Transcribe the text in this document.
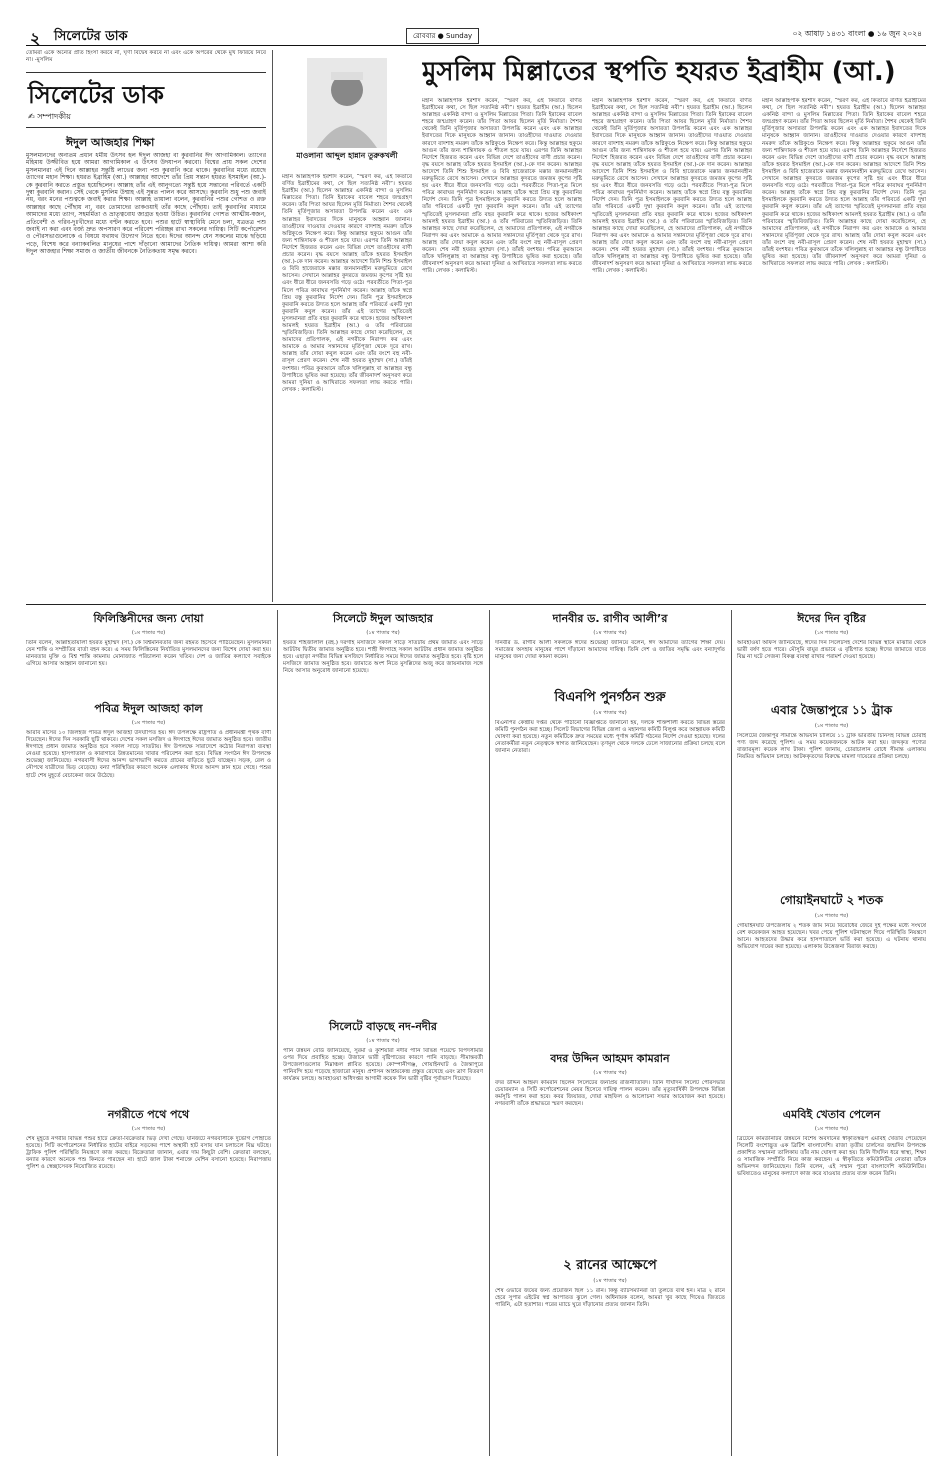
২ সিলেটের ডাক	রোববার ● Sunday	০২ আষাঢ় ১৪৩১ বাংলা ● ১৬ জুন ২০২৪
তোমরা একে অন্যের প্রতি হিংসা করবে না, ঘৃণা বিদ্বেষ করবে না এবং একে অপরের থেকে মুখ ফিরিয়ে নিবে না। -মুসলিম
সিলেটের ডাক
✍ সম্পাদকীয়
ঈদুল আজহার শিক্ষা
মুসলমানদের অন্যতম প্রধান ধর্মীয় উৎসব হল ঈদুল আজহা বা কুরবানির ঈদ আগামিকাল। ত্যাগের মহিমায় উজ্জীবিত হয়ে আমরা আগামিকাল এ উৎসব উদযাপন করবো। বিশ্বের প্রায় সকল দেশের মুসলমানরা এই দিনে আল্লাহর সন্তুষ্টি লাভের জন্য পশু কুরবানি করে থাকে। কুরবানির মধ্যে রয়েছে ত্যাগের মহান শিক্ষা। হযরত ইব্রাহিম (আ.) আল্লাহর আদেশে তাঁর প্রিয় সন্তান হযরত ইসমাইল (আ.)-কে কুরবানি করতে প্রস্তুত হয়েছিলেন। আল্লাহ তাঁর এই আনুগত্যে সন্তুষ্ট হয়ে সন্তানের পরিবর্তে একটি দুম্বা কুরবানি করান। সেই থেকে মুসলিম উম্মাহ এই সুন্নত পালন করে আসছে। কুরবানি শুধু পশু জবাই নয়, বরং মনের পশুত্বকে জবাই করার শিক্ষা। আল্লাহ তায়ালা বলেন, কুরবানির পশুর গোশত ও রক্ত আল্লাহর কাছে পৌঁছায় না, বরং তোমাদের তাকওয়াই তাঁর কাছে পৌঁছায়। তাই কুরবানির মাধ্যমে আমাদের মধ্যে ত্যাগ, সহমর্মিতা ও ভ্রাতৃত্ববোধ জাগ্রত হওয়া উচিত। কুরবানির গোশত আত্মীয়-স্বজন, প্রতিবেশী ও গরিব-দুঃখীদের মধ্যে বণ্টন করতে হবে। পশুর হাটে স্বাস্থ্যবিধি মেনে চলা, যত্রতত্র পশু জবাই না করা এবং বর্জ্য দ্রুত অপসারণ করে পরিবেশ পরিচ্ছন্ন রাখা সকলের দায়িত্ব। সিটি কর্পোরেশন ও পৌরসভাগুলোকে এ বিষয়ে যথাযথ উদ্যোগ নিতে হবে। ঈদের আনন্দ যেন সকলের মাঝে ছড়িয়ে পড়ে, বিশেষ করে বন্যাকবলিত মানুষের পাশে দাঁড়ানো আমাদের নৈতিক দায়িত্ব। আমরা আশা করি ঈদুল আজহার শিক্ষা সমাজ ও জাতীয় জীবনকে নৈতিকতায় সমৃদ্ধ করবে।
মাওলানা আব্দুল হান্নান তুরুকখলী
মুসলিম মিল্লাতের স্থপতি হযরত ইব্রাহীম (আ.)
মহান আল্লাহপাক ইরশাদ করেন, “স্মরণ কর, এই কিতাবে বর্ণিত ইব্রাহীমের কথা, সে ছিল সত্যনিষ্ঠ নবী”। হযরত ইব্রাহীম (আ.) ছিলেন আল্লাহর একনিষ্ঠ বান্দা ও মুসলিম মিল্লাতের পিতা। তিনি ইরাকের বাবেল শহরে জন্মগ্রহণ করেন। তাঁর পিতা আযর ছিলেন মূর্তি নির্মাতা। শৈশব থেকেই তিনি মূর্তিপূজার অসারতা উপলব্ধি করেন এবং এক আল্লাহর ইবাদতের দিকে মানুষকে আহ্বান জানান। তাওহীদের দাওয়াত দেওয়ার কারণে বাদশাহ নমরুদ তাঁকে অগ্নিকুণ্ডে নিক্ষেপ করে। কিন্তু আল্লাহর হুকুমে আগুন তাঁর জন্য শান্তিদায়ক ও শীতল হয়ে যায়। এরপর তিনি আল্লাহর নির্দেশে হিজরত করেন এবং বিভিন্ন দেশে তাওহীদের বাণী প্রচার করেন। বৃদ্ধ বয়সে আল্লাহ তাঁকে হযরত ইসমাইল (আ.)-কে দান করেন। আল্লাহর আদেশে তিনি শিশু ইসমাইল ও বিবি হাজেরাকে মক্কার জনমানবহীন মরুভূমিতে রেখে আসেন। সেখানে আল্লাহর কুদরতে জমজম কূপের সৃষ্টি হয় এবং ধীরে ধীরে জনবসতি গড়ে ওঠে। পরবর্তীতে পিতা-পুত্র মিলে পবিত্র কাবাঘর পুনর্নির্মাণ করেন। আল্লাহ তাঁকে স্বপ্নে প্রিয় বস্তু কুরবানির নির্দেশ দেন। তিনি পুত্র ইসমাইলকে কুরবানি করতে উদ্যত হলে আল্লাহ তাঁর পরিবর্তে একটি দুম্বা কুরবানি কবুল করেন। তাঁর এই ত্যাগের স্মৃতিতেই মুসলমানরা প্রতি বছর কুরবানি করে থাকে। হজের অধিকাংশ আমলই হযরত ইব্রাহীম (আ.) ও তাঁর পরিবারের স্মৃতিবিজড়িত। তিনি আল্লাহর কাছে দোয়া করেছিলেন, হে আমাদের প্রতিপালক, এই নগরীকে নিরাপদ কর এবং আমাকে ও আমার সন্তানদের মূর্তিপূজা থেকে দূরে রাখ। আল্লাহ তাঁর দোয়া কবুল করেন এবং তাঁর বংশে বহু নবী-রাসূল প্রেরণ করেন। শেষ নবী হযরত মুহাম্মদ (সা.) তাঁরই বংশধর। পবিত্র কুরআনে তাঁকে খলিলুল্লাহ বা আল্লাহর বন্ধু উপাধিতে ভূষিত করা হয়েছে। তাঁর জীবনাদর্শ অনুসরণ করে আমরা দুনিয়া ও আখিরাতে সফলতা লাভ করতে পারি। লেখক : কলামিস্ট।
মহান আল্লাহপাক ইরশাদ করেন, “স্মরণ কর, এই কিতাবে বর্ণিত ইব্রাহীমের কথা, সে ছিল সত্যনিষ্ঠ নবী”। হযরত ইব্রাহীম (আ.) ছিলেন আল্লাহর একনিষ্ঠ বান্দা ও মুসলিম মিল্লাতের পিতা। তিনি ইরাকের বাবেল শহরে জন্মগ্রহণ করেন। তাঁর পিতা আযর ছিলেন মূর্তি নির্মাতা। শৈশব থেকেই তিনি মূর্তিপূজার অসারতা উপলব্ধি করেন এবং এক আল্লাহর ইবাদতের দিকে মানুষকে আহ্বান জানান। তাওহীদের দাওয়াত দেওয়ার কারণে বাদশাহ নমরুদ তাঁকে অগ্নিকুণ্ডে নিক্ষেপ করে। কিন্তু আল্লাহর হুকুমে আগুন তাঁর জন্য শান্তিদায়ক ও শীতল হয়ে যায়। এরপর তিনি আল্লাহর নির্দেশে হিজরত করেন এবং বিভিন্ন দেশে তাওহীদের বাণী প্রচার করেন। বৃদ্ধ বয়সে আল্লাহ তাঁকে হযরত ইসমাইল (আ.)-কে দান করেন। আল্লাহর আদেশে তিনি শিশু ইসমাইল ও বিবি হাজেরাকে মক্কার জনমানবহীন মরুভূমিতে রেখে আসেন। সেখানে আল্লাহর কুদরতে জমজম কূপের সৃষ্টি হয় এবং ধীরে ধীরে জনবসতি গড়ে ওঠে। পরবর্তীতে পিতা-পুত্র মিলে পবিত্র কাবাঘর পুনর্নির্মাণ করেন। আল্লাহ তাঁকে স্বপ্নে প্রিয় বস্তু কুরবানির নির্দেশ দেন। তিনি পুত্র ইসমাইলকে কুরবানি করতে উদ্যত হলে আল্লাহ তাঁর পরিবর্তে একটি দুম্বা কুরবানি কবুল করেন। তাঁর এই ত্যাগের স্মৃতিতেই মুসলমানরা প্রতি বছর কুরবানি করে থাকে। হজের অধিকাংশ আমলই হযরত ইব্রাহীম (আ.) ও তাঁর পরিবারের স্মৃতিবিজড়িত। তিনি আল্লাহর কাছে দোয়া করেছিলেন, হে আমাদের প্রতিপালক, এই নগরীকে নিরাপদ কর এবং আমাকে ও আমার সন্তানদের মূর্তিপূজা থেকে দূরে রাখ। আল্লাহ তাঁর দোয়া কবুল করেন এবং তাঁর বংশে বহু নবী-রাসূল প্রেরণ করেন। শেষ নবী হযরত মুহাম্মদ (সা.) তাঁরই বংশধর। পবিত্র কুরআনে তাঁকে খলিলুল্লাহ বা আল্লাহর বন্ধু উপাধিতে ভূষিত করা হয়েছে। তাঁর জীবনাদর্শ অনুসরণ করে আমরা দুনিয়া ও আখিরাতে সফলতা লাভ করতে পারি। লেখক : কলামিস্ট।
মহান আল্লাহপাক ইরশাদ করেন, “স্মরণ কর, এই কিতাবে বর্ণিত ইব্রাহীমের কথা, সে ছিল সত্যনিষ্ঠ নবী”। হযরত ইব্রাহীম (আ.) ছিলেন আল্লাহর একনিষ্ঠ বান্দা ও মুসলিম মিল্লাতের পিতা। তিনি ইরাকের বাবেল শহরে জন্মগ্রহণ করেন। তাঁর পিতা আযর ছিলেন মূর্তি নির্মাতা। শৈশব থেকেই তিনি মূর্তিপূজার অসারতা উপলব্ধি করেন এবং এক আল্লাহর ইবাদতের দিকে মানুষকে আহ্বান জানান। তাওহীদের দাওয়াত দেওয়ার কারণে বাদশাহ নমরুদ তাঁকে অগ্নিকুণ্ডে নিক্ষেপ করে। কিন্তু আল্লাহর হুকুমে আগুন তাঁর জন্য শান্তিদায়ক ও শীতল হয়ে যায়। এরপর তিনি আল্লাহর নির্দেশে হিজরত করেন এবং বিভিন্ন দেশে তাওহীদের বাণী প্রচার করেন। বৃদ্ধ বয়সে আল্লাহ তাঁকে হযরত ইসমাইল (আ.)-কে দান করেন। আল্লাহর আদেশে তিনি শিশু ইসমাইল ও বিবি হাজেরাকে মক্কার জনমানবহীন মরুভূমিতে রেখে আসেন। সেখানে আল্লাহর কুদরতে জমজম কূপের সৃষ্টি হয় এবং ধীরে ধীরে জনবসতি গড়ে ওঠে। পরবর্তীতে পিতা-পুত্র মিলে পবিত্র কাবাঘর পুনর্নির্মাণ করেন। আল্লাহ তাঁকে স্বপ্নে প্রিয় বস্তু কুরবানির নির্দেশ দেন। তিনি পুত্র ইসমাইলকে কুরবানি করতে উদ্যত হলে আল্লাহ তাঁর পরিবর্তে একটি দুম্বা কুরবানি কবুল করেন। তাঁর এই ত্যাগের স্মৃতিতেই মুসলমানরা প্রতি বছর কুরবানি করে থাকে। হজের অধিকাংশ আমলই হযরত ইব্রাহীম (আ.) ও তাঁর পরিবারের স্মৃতিবিজড়িত। তিনি আল্লাহর কাছে দোয়া করেছিলেন, হে আমাদের প্রতিপালক, এই নগরীকে নিরাপদ কর এবং আমাকে ও আমার সন্তানদের মূর্তিপূজা থেকে দূরে রাখ। আল্লাহ তাঁর দোয়া কবুল করেন এবং তাঁর বংশে বহু নবী-রাসূল প্রেরণ করেন। শেষ নবী হযরত মুহাম্মদ (সা.) তাঁরই বংশধর। পবিত্র কুরআনে তাঁকে খলিলুল্লাহ বা আল্লাহর বন্ধু উপাধিতে ভূষিত করা হয়েছে। তাঁর জীবনাদর্শ অনুসরণ করে আমরা দুনিয়া ও আখিরাতে সফলতা লাভ করতে পারি। লেখক : কলামিস্ট।
মহান আল্লাহপাক ইরশাদ করেন, “স্মরণ কর, এই কিতাবে বর্ণিত ইব্রাহীমের কথা, সে ছিল সত্যনিষ্ঠ নবী”। হযরত ইব্রাহীম (আ.) ছিলেন আল্লাহর একনিষ্ঠ বান্দা ও মুসলিম মিল্লাতের পিতা। তিনি ইরাকের বাবেল শহরে জন্মগ্রহণ করেন। তাঁর পিতা আযর ছিলেন মূর্তি নির্মাতা। শৈশব থেকেই তিনি মূর্তিপূজার অসারতা উপলব্ধি করেন এবং এক আল্লাহর ইবাদতের দিকে মানুষকে আহ্বান জানান। তাওহীদের দাওয়াত দেওয়ার কারণে বাদশাহ নমরুদ তাঁকে অগ্নিকুণ্ডে নিক্ষেপ করে। কিন্তু আল্লাহর হুকুমে আগুন তাঁর জন্য শান্তিদায়ক ও শীতল হয়ে যায়। এরপর তিনি আল্লাহর নির্দেশে হিজরত করেন এবং বিভিন্ন দেশে তাওহীদের বাণী প্রচার করেন। বৃদ্ধ বয়সে আল্লাহ তাঁকে হযরত ইসমাইল (আ.)-কে দান করেন। আল্লাহর আদেশে তিনি শিশু ইসমাইল ও বিবি হাজেরাকে মক্কার জনমানবহীন মরুভূমিতে রেখে আসেন। সেখানে আল্লাহর কুদরতে জমজম কূপের সৃষ্টি হয় এবং ধীরে ধীরে জনবসতি গড়ে ওঠে। পরবর্তীতে পিতা-পুত্র মিলে পবিত্র কাবাঘর পুনর্নির্মাণ করেন। আল্লাহ তাঁকে স্বপ্নে প্রিয় বস্তু কুরবানির নির্দেশ দেন। তিনি পুত্র ইসমাইলকে কুরবানি করতে উদ্যত হলে আল্লাহ তাঁর পরিবর্তে একটি দুম্বা কুরবানি কবুল করেন। তাঁর এই ত্যাগের স্মৃতিতেই মুসলমানরা প্রতি বছর কুরবানি করে থাকে। হজের অধিকাংশ আমলই হযরত ইব্রাহীম (আ.) ও তাঁর পরিবারের স্মৃতিবিজড়িত। তিনি আল্লাহর কাছে দোয়া করেছিলেন, হে আমাদের প্রতিপালক, এই নগরীকে নিরাপদ কর এবং আমাকে ও আমার সন্তানদের মূর্তিপূজা থেকে দূরে রাখ। আল্লাহ তাঁর দোয়া কবুল করেন এবং তাঁর বংশে বহু নবী-রাসূল প্রেরণ করেন। শেষ নবী হযরত মুহাম্মদ (সা.) তাঁরই বংশধর। পবিত্র কুরআনে তাঁকে খলিলুল্লাহ বা আল্লাহর বন্ধু উপাধিতে ভূষিত করা হয়েছে। তাঁর জীবনাদর্শ অনুসরণ করে আমরা দুনিয়া ও আখিরাতে সফলতা লাভ করতে পারি। লেখক : কলামিস্ট।
ফিলিস্তিনীদের জন্য দোয়া
(১ম পাতার পর)
তিনি বলেন, আল্লাহতায়ালা হযরত মুহাম্মদ (সা.) কে বিশ্বমানবতার জন্য রহমত হিসেবে পাঠিয়েছেন। মুসলমানরা যেন শান্তি ও সম্প্রীতির বার্তা বহন করে। এ সময় ফিলিস্তিনের নির্যাতিত মুসলমানদের জন্য বিশেষ দোয়া করা হয়। মানবতার মুক্তি ও বিশ্ব শান্তি কামনায় মোনাজাত পরিচালনা করেন খতিব। দেশ ও জাতির কল্যাণে সবাইকে এগিয়ে আসার আহ্বান জানানো হয়।
পবিত্র ঈদুল আজহা কাল
(১ম পাতার পর)
আরবি মাসের ১০ জিলহজ পবিত্র ঈদুল আজহা উদযাপিত হয়। ঈদ উপলক্ষে রাষ্ট্রপতি ও প্রধানমন্ত্রী পৃথক বাণী দিয়েছেন। ঈদের দিন সরকারি ছুটি থাকবে। দেশের সকল মসজিদ ও ঈদগাহে ঈদের জামাত অনুষ্ঠিত হবে। জাতীয় ঈদগাহে প্রধান জামাত অনুষ্ঠিত হবে সকাল সাড়ে সাতটায়। ঈদ উপলক্ষে সারাদেশে কঠোর নিরাপত্তা ব্যবস্থা নেওয়া হয়েছে। হাসপাতাল ও কারাগারে উন্নতমানের খাবার পরিবেশন করা হবে। বিভিন্ন সংগঠন ঈদ উপলক্ষে শুভেচ্ছা জানিয়েছে। নগরবাসী ঈদের আনন্দ ভাগাভাগি করতে গ্রামের বাড়িতে ছুটে যাচ্ছেন। সড়ক, রেল ও নৌপথে যাত্রীদের ভিড় বেড়েছে। বন্যা পরিস্থিতির কারণে অনেক এলাকায় ঈদের আনন্দ ম্লান হয়ে গেছে। পশুর হাটে শেষ মুহূর্তে বেচাকেনা জমে উঠেছে।
নগরীতে পথে পথে
(১ম পাতার পর)
শেষ মুহূর্তে নগরীর বিভিন্ন পশুর হাটে ক্রেতা-বিক্রেতার ভিড় দেখা গেছে। যানজটে নগরবাসীকে দুর্ভোগ পোহাতে হয়েছে। সিটি কর্পোরেশনের নির্ধারিত হাটের বাইরে সড়কের পাশে অস্থায়ী হাট বসায় যান চলাচলে বিঘ্ন ঘটছে। ট্রাফিক পুলিশ পরিস্থিতি নিয়ন্ত্রণে কাজ করছে। বিক্রেতারা জানান, এবার দাম কিছুটা বেশি। ক্রেতারা বলছেন, বন্যার কারণে অনেকে পশু কিনতে পারছেন না। হাটে জাল টাকা শনাক্তে মেশিন বসানো হয়েছে। নিরাপত্তায় পুলিশ ও স্বেচ্ছাসেবক নিয়োজিত রয়েছে।
সিলেটে ঈদুল আজহার
(১ম পাতার পর)
হযরত শাহজালাল (রহ.) দরগাহ মসজিদে সকাল সাড়ে সাতটায় প্রথম জামাত এবং সাড়ে আটটায় দ্বিতীয় জামাত অনুষ্ঠিত হবে। শাহী ঈদগাহে সকাল আটটায় প্রধান জামাত অনুষ্ঠিত হবে। এছাড়া নগরীর বিভিন্ন মসজিদে নির্ধারিত সময়ে ঈদের জামাত অনুষ্ঠিত হবে। বৃষ্টি হলে মসজিদে জামাত অনুষ্ঠিত হবে। জামাতে অংশ নিতে মুসল্লিদের অজু করে জায়নামাজ সঙ্গে নিয়ে আসার অনুরোধ জানানো হয়েছে।
সিলেটে বাড়ছে নদ-নদীর
(১ম পাতার পর)
পানি উন্নয়ন বোর্ড জানিয়েছে, সুরমা ও কুশিয়ারা নদীর পানি বিভিন্ন পয়েন্টে বিপদসীমার ওপর দিয়ে প্রবাহিত হচ্ছে। উজানে ভারী বৃষ্টিপাতের কারণে পানি বাড়ছে। সীমান্তবর্তী উপজেলাগুলোর নিম্নাঞ্চল প্লাবিত হয়েছে। কোম্পানীগঞ্জ, গোয়াইনঘাট ও জৈন্তাপুরে পানিবন্দি হয়ে পড়েছে হাজারো মানুষ। প্রশাসন আশ্রয়কেন্দ্র প্রস্তুত রেখেছে এবং ত্রাণ বিতরণ কার্যক্রম চলছে। আবহাওয়া অধিদপ্তর আগামী কয়েক দিন ভারী বৃষ্টির পূর্বাভাস দিয়েছে।
দানবীর ড. রাগীব আলী’র
(১ম পাতার পর)
দানবীর ড. রাগীব আলী সকলকে ঈদের শুভেচ্ছা জানিয়ে বলেন, ঈদ আমাদের ত্যাগের শিক্ষা দেয়। সমাজের অসহায় মানুষের পাশে দাঁড়ানো আমাদের দায়িত্ব। তিনি দেশ ও জাতির সমৃদ্ধি এবং বন্যাদুর্গত মানুষের জন্য দোয়া কামনা করেন।
বিএনপি পুনর্গঠন শুরু
(১ম পাতার পর)
বিএনপির কেন্দ্রীয় দপ্তর থেকে পাঠানো বিজ্ঞপ্তিতে জানানো হয়, দলকে শক্তিশালী করতে বিভিন্ন স্তরের কমিটি পুনর্গঠন করা হচ্ছে। সিলেট বিভাগের বিভিন্ন জেলা ও মহানগর কমিটি বিলুপ্ত করে আহ্বায়ক কমিটি ঘোষণা করা হয়েছে। নতুন কমিটিকে দ্রুত সময়ের মধ্যে পূর্ণাঙ্গ কমিটি গঠনের নির্দেশ দেওয়া হয়েছে। দলের নেতাকর্মীরা নতুন নেতৃত্বকে স্বাগত জানিয়েছেন। তৃণমূল থেকে দলকে ঢেলে সাজানোর প্রক্রিয়া চলছে বলে জানান নেতারা।
বদর উদ্দিন আহমদ কামরান
(১ম পাতার পর)
বদর উদ্দিন আহমদ কামরান ছিলেন সিলেটের জনপ্রিয় রাজনীতিবিদ। তিনি দীর্ঘদিন সিলেট পৌরসভার চেয়ারম্যান ও সিটি কর্পোরেশনের মেয়র হিসেবে দায়িত্ব পালন করেন। তাঁর মৃত্যুবার্ষিকী উপলক্ষে বিভিন্ন কর্মসূচি পালন করা হবে। কবর জিয়ারত, দোয়া মাহফিল ও আলোচনা সভার আয়োজন করা হয়েছে। নগরবাসী তাঁকে শ্রদ্ধাভরে স্মরণ করছেন।
২ রানের আক্ষেপে
(১ম পাতার পর)
শেষ ওভারে জয়ের জন্য প্রয়োজন ছিল ১১ রান। কিন্তু ব্যাটসম্যানরা তা তুলতে ব্যর্থ হন। মাত্র ২ রানে হেরে সুপার এইটের স্বপ্ন আপাতত ঝুলে গেল। অধিনায়ক বলেন, আমরা খুব কাছে গিয়েও জিততে পারিনি, এটা হতাশার। পরের ম্যাচে ঘুরে দাঁড়ানোর প্রত্যয় জানান তিনি।
ঈদের দিন বৃষ্টির
(১ম পাতার পর)
আবহাওয়া অফিস জানিয়েছে, ঈদের দিন সিলেটসহ দেশের বিভিন্ন স্থানে মাঝারি থেকে ভারী বর্ষণ হতে পারে। মৌসুমি বায়ুর প্রভাবে এ বৃষ্টিপাত হচ্ছে। ঈদের জামাতে যাতে বিঘ্ন না ঘটে সেজন্য বিকল্প ব্যবস্থা রাখার পরামর্শ দেওয়া হয়েছে।
এবার জৈন্তাপুরে ১১ ট্রাক
(১ম পাতার পর)
সিলেটের জৈন্তাপুর সীমান্তে অভিযান চালিয়ে ১১ ট্রাক ভারতীয় চিনিসহ বিভিন্ন চোরাই পণ্য জব্দ করেছে পুলিশ। এ সময় কয়েকজনকে আটক করা হয়। জব্দকৃত পণ্যের বাজারমূল্য কয়েক লাখ টাকা। পুলিশ জানায়, চোরাচালান রোধে সীমান্ত এলাকায় নিয়মিত অভিযান চলছে। আটককৃতদের বিরুদ্ধে মামলা দায়েরের প্রক্রিয়া চলছে।
গোয়াইনঘাটে ২ শতক
(১ম পাতার পর)
গোয়াইনঘাট উপজেলায় ২ শতক জমি নিয়ে বিরোধের জেরে দুই পক্ষের মধ্যে সংঘর্ষে বেশ কয়েকজন আহত হয়েছেন। খবর পেয়ে পুলিশ ঘটনাস্থলে গিয়ে পরিস্থিতি নিয়ন্ত্রণে আনে। আহতদের উদ্ধার করে হাসপাতালে ভর্তি করা হয়েছে। এ ঘটনায় থানায় অভিযোগ দায়ের করা হয়েছে। এলাকায় উত্তেজনা বিরাজ করছে।
এমবিই খেতাব পেলেন
(১ম পাতার পর)
ব্রিটেনে কমিউনিটির উন্নয়নে বিশেষ অবদানের স্বীকৃতিস্বরূপ এমবিই খেতাব পেয়েছেন সিলেটি বংশোদ্ভূত এক ব্রিটিশ বাংলাদেশি। রাজা তৃতীয় চার্লসের জন্মদিন উপলক্ষে প্রকাশিত সম্মাননা তালিকায় তাঁর নাম ঘোষণা করা হয়। তিনি দীর্ঘদিন ধরে স্বাস্থ্য, শিক্ষা ও সামাজিক সম্প্রীতি নিয়ে কাজ করছেন। এ স্বীকৃতিতে কমিউনিটির নেতারা তাঁকে অভিনন্দন জানিয়েছেন। তিনি বলেন, এই সম্মান পুরো বাংলাদেশি কমিউনিটির। ভবিষ্যতেও মানুষের কল্যাণে কাজ করে যাওয়ার প্রত্যয় ব্যক্ত করেন তিনি।
